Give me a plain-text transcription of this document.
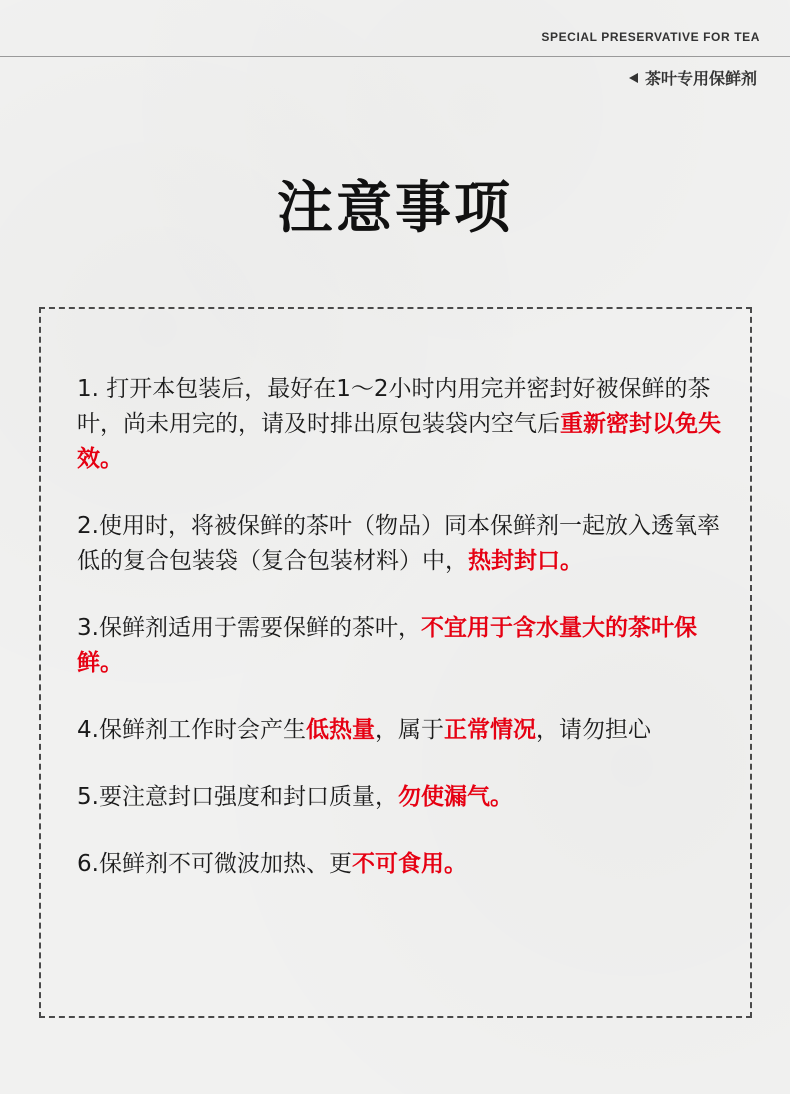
SPECIAL PRESERVATIVE FOR TEA
茶叶专用保鲜剂
注意事项

1. 打开本包装后，最好在1～2小时内用完并密封好被保鲜的茶叶，尚未用完的，请及时排出原包装袋内空气后重新密封以免失效。

2.使用时，将被保鲜的茶叶（物品）同本保鲜剂一起放入透氧率低的复合包装袋（复合包装材料）中，热封封口。

3.保鲜剂适用于需要保鲜的茶叶，不宜用于含水量大的茶叶保鲜。

4.保鲜剂工作时会产生低热量，属于正常情况，请勿担心

5.要注意封口强度和封口质量，勿使漏气。

6.保鲜剂不可微波加热、更不可食用。
